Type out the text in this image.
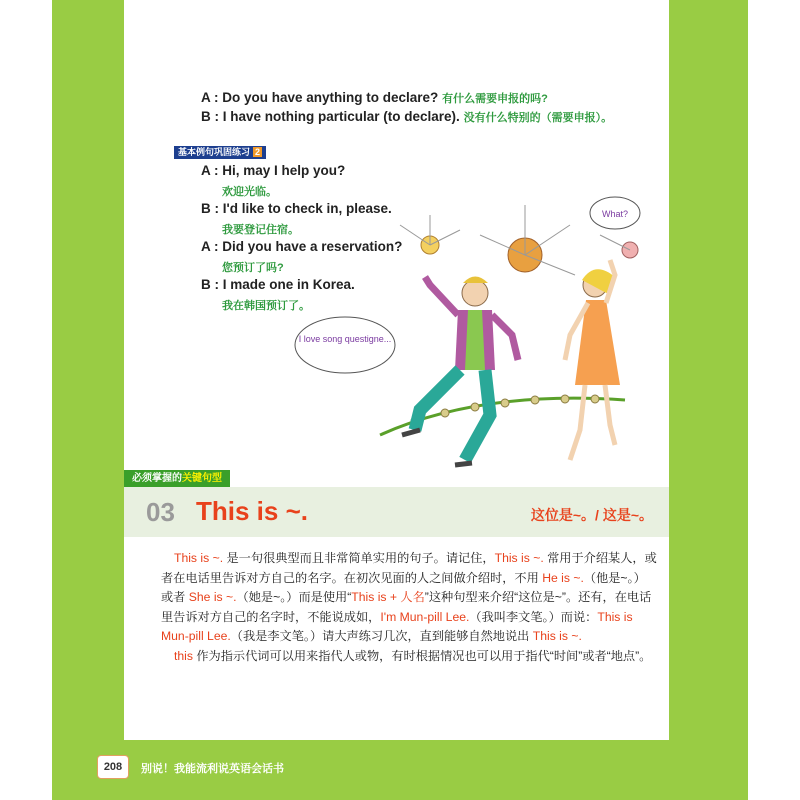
A : Do you have anything to declare? 有什么需要申报的吗?
B : I have nothing particular (to declare). 没有什么特别的（需要申报）。
基本例句巩固练习 2
A : Hi, may I help you?
欢迎光临。
B : I'd like to check in, please.
我要登记住宿。
A : Did you have a reservation?
您预订了吗?
B : I made one in Korea.
我在韩国预订了。
I love song questigne...
What?
必须掌握的关键句型
03 This is ~.	这位是~。/ 这是~。

This is ~. 是一句很典型而且非常简单实用的句子。请记住，This is ~. 常用于介绍某人，或者在电话里告诉对方自己的名字。在初次见面的人之间做介绍时，不用 He is ~.（他是~。）或者 She is ~.（她是~。）而是使用“This is + 人名”这种句型来介绍“这位是~”。还有，在电话里告诉对方自己的名字时，不能说成如，I'm Mun-pill Lee.（我叫李文笔。）而说：This is Mun-pill Lee.（我是李文笔。）请大声练习几次，直到能够自然地说出 This is ~.

this 作为指示代词可以用来指代人或物，有时根据情况也可以用于指代“时间”或者“地点”。

208	别说！我能流利说英语会话书
